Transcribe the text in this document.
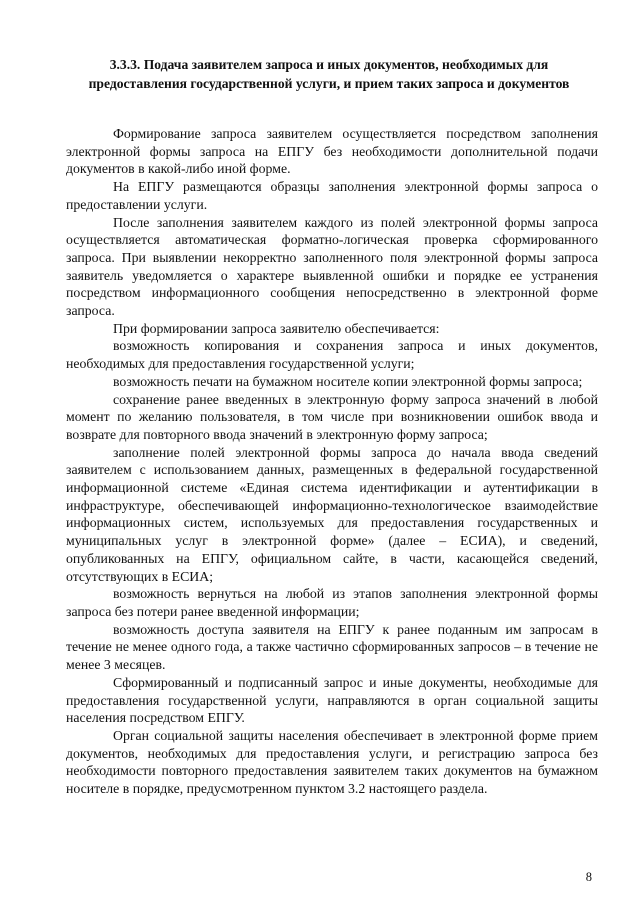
3.3.3. Подача заявителем запроса и иных документов, необходимых для предоставления государственной услуги, и прием таких запроса и документов

Формирование запроса заявителем осуществляется посредством заполнения электронной формы запроса на ЕПГУ без необходимости дополнительной подачи документов в какой-либо иной форме.

На ЕПГУ размещаются образцы заполнения электронной формы запроса о предоставлении услуги.

После заполнения заявителем каждого из полей электронной формы запроса осуществляется автоматическая форматно-логическая проверка сформированного запроса. При выявлении некорректно заполненного поля электронной формы запроса заявитель уведомляется о характере выявленной ошибки и порядке ее устранения посредством информационного сообщения непосредственно в электронной форме запроса.

При формировании запроса заявителю обеспечивается:

возможность копирования и сохранения запроса и иных документов, необходимых для предоставления государственной услуги;

возможность печати на бумажном носителе копии электронной формы запроса;

сохранение ранее введенных в электронную форму запроса значений в любой момент по желанию пользователя, в том числе при возникновении ошибок ввода и возврате для повторного ввода значений в электронную форму запроса;

заполнение полей электронной формы запроса до начала ввода сведений заявителем с использованием данных, размещенных в федеральной государственной информационной системе «Единая система идентификации и аутентификации в инфраструктуре, обеспечивающей информационно-технологическое взаимодействие информационных систем, используемых для предоставления государственных и муниципальных услуг в электронной форме» (далее – ЕСИА), и сведений, опубликованных на ЕПГУ, официальном сайте, в части, касающейся сведений, отсутствующих в ЕСИА;

возможность вернуться на любой из этапов заполнения электронной формы запроса без потери ранее введенной информации;

возможность доступа заявителя на ЕПГУ к ранее поданным им запросам в течение не менее одного года, а также частично сформированных запросов – в течение не менее 3 месяцев.

Сформированный и подписанный запрос и иные документы, необходимые для предоставления государственной услуги, направляются в орган социальной защиты населения посредством ЕПГУ.

Орган социальной защиты населения обеспечивает в электронной форме прием документов, необходимых для предоставления услуги, и регистрацию запроса без необходимости повторного предоставления заявителем таких документов на бумажном носителе в порядке, предусмотренном пунктом 3.2 настоящего раздела.

8
